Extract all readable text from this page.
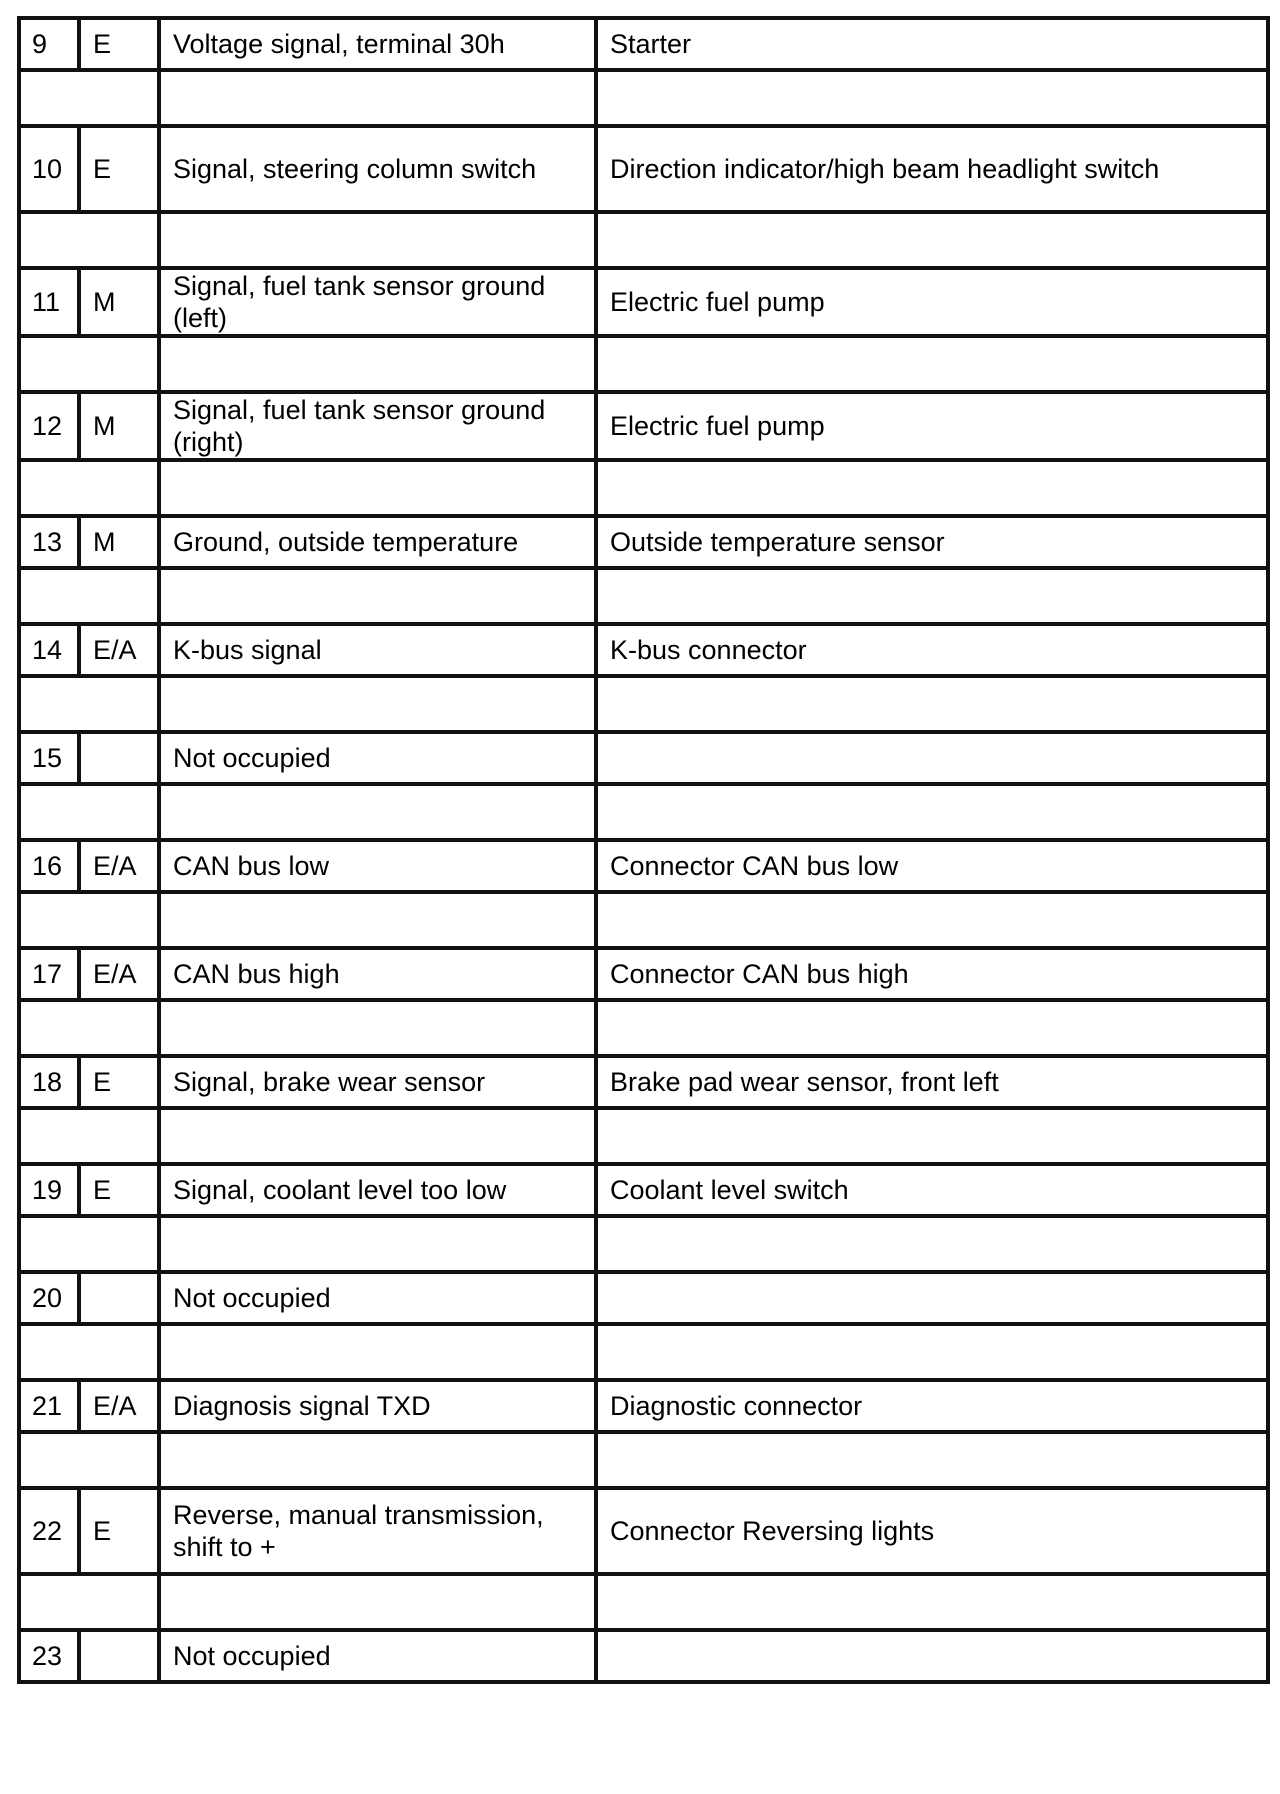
9	E	Voltage signal, terminal 30h	Starter

10	E	Signal, steering column switch	Direction indicator/high beam headlight switch

11	M	Signal, fuel tank sensor ground (left)	Electric fuel pump

12	M	Signal, fuel tank sensor ground (right)	Electric fuel pump

13	M	Ground, outside temperature	Outside temperature sensor

14	E/A	K-bus signal	K-bus connector

15		Not occupied	

16	E/A	CAN bus low	Connector CAN bus low

17	E/A	CAN bus high	Connector CAN bus high

18	E	Signal, brake wear sensor	Brake pad wear sensor, front left

19	E	Signal, coolant level too low	Coolant level switch

20		Not occupied	

21	E/A	Diagnosis signal TXD	Diagnostic connector

22	E	Reverse, manual transmission, shift to +	Connector Reversing lights

23		Not occupied	
